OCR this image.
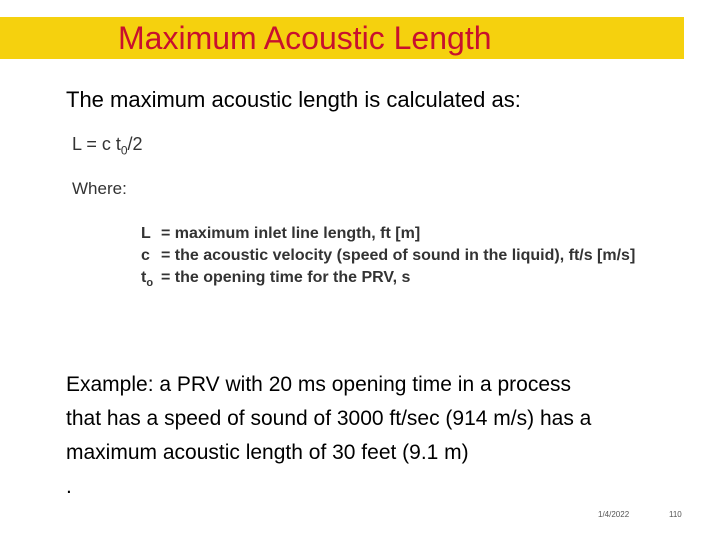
Maximum Acoustic Length
The maximum acoustic length is calculated as:
L = c $t_0/2$
Where:
L = maximum inlet line length, ft [m]
c = the acoustic velocity (speed of sound in the liquid), ft/s [m/s]
$t_o$ = the opening time for the PRV, s
Example: a PRV with 20 ms opening time in a process
that has a speed of sound of 3000 ft/sec (914 m/s) has a
maximum acoustic length of 30 feet (9.1 m)
.
1/4/2022	110
